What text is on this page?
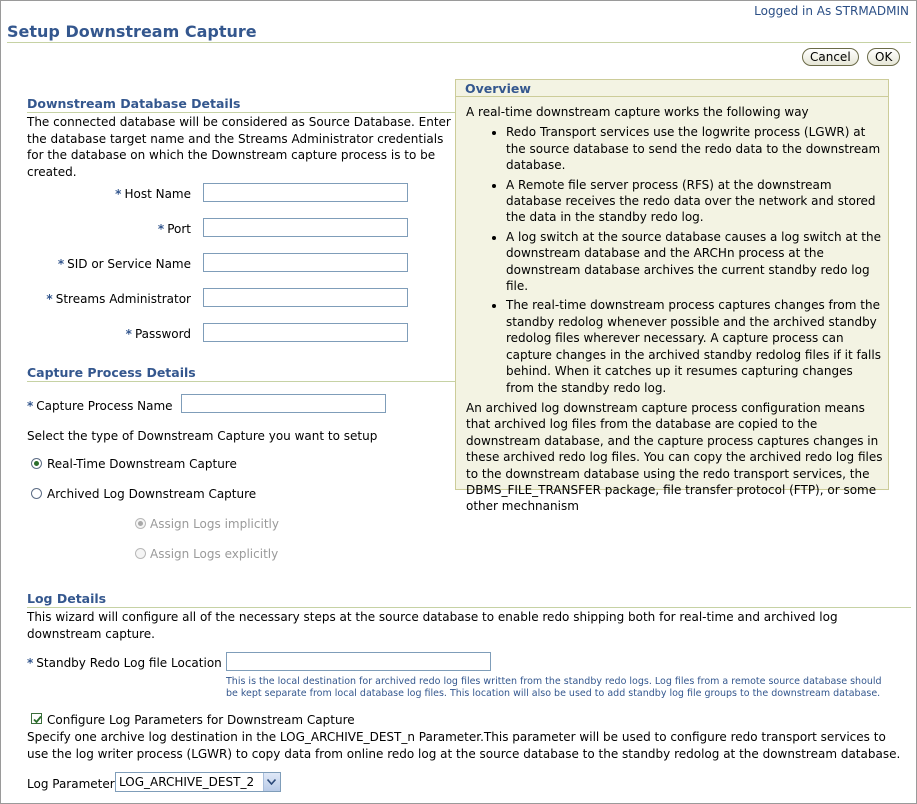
Logged in As STRMADMIN
Setup Downstream Capture
Cancel	OK
Downstream Database Details
The connected database will be considered as Source Database. Enter the database target name and the Streams Administrator credentials for the database on which the Downstream capture process is to be created.
* Host Name
* Port
* SID or Service Name
* Streams Administrator
* Password
Capture Process Details
* Capture Process Name
Select the type of Downstream Capture you want to setup
Real-Time Downstream Capture
Archived Log Downstream Capture
Assign Logs implicitly
Assign Logs explicitly
Overview
A real-time downstream capture works the following way
• Redo Transport services use the logwrite process (LGWR) at the source database to send the redo data to the downstream database.
• A Remote file server process (RFS) at the downstream database receives the redo data over the network and stored the data in the standby redo log.
• A log switch at the source database causes a log switch at the downstream database and the ARCHn process at the downstream database archives the current standby redo log file.
• The real-time downstream process captures changes from the standby redolog whenever possible and the archived standby redolog files wherever necessary. A capture process can capture changes in the archived standby redolog files if it falls behind. When it catches up it resumes capturing changes from the standby redo log.
An archived log downstream capture process configuration means that archived log files from the database are copied to the downstream database, and the capture process captures changes in these archived redo log files. You can copy the archived redo log files to the downstream database using the redo transport services, the DBMS_FILE_TRANSFER package, file transfer protocol (FTP), or some other mechnanism
Log Details
This wizard will configure all of the necessary steps at the source database to enable redo shipping both for real-time and archived log downstream capture.
* Standby Redo Log file Location
This is the local destination for archived redo log files written from the standby redo logs. Log files from a remote source database should be kept separate from local database log files. This location will also be used to add standby log file groups to the downstream database.
Configure Log Parameters for Downstream Capture
Specify one archive log destination in the LOG_ARCHIVE_DEST_n Parameter.This parameter will be used to configure redo transport services to use the log writer process (LGWR) to copy data from online redo log at the source database to the standby redolog at the downstream database.
Log Parameter LOG_ARCHIVE_DEST_2
